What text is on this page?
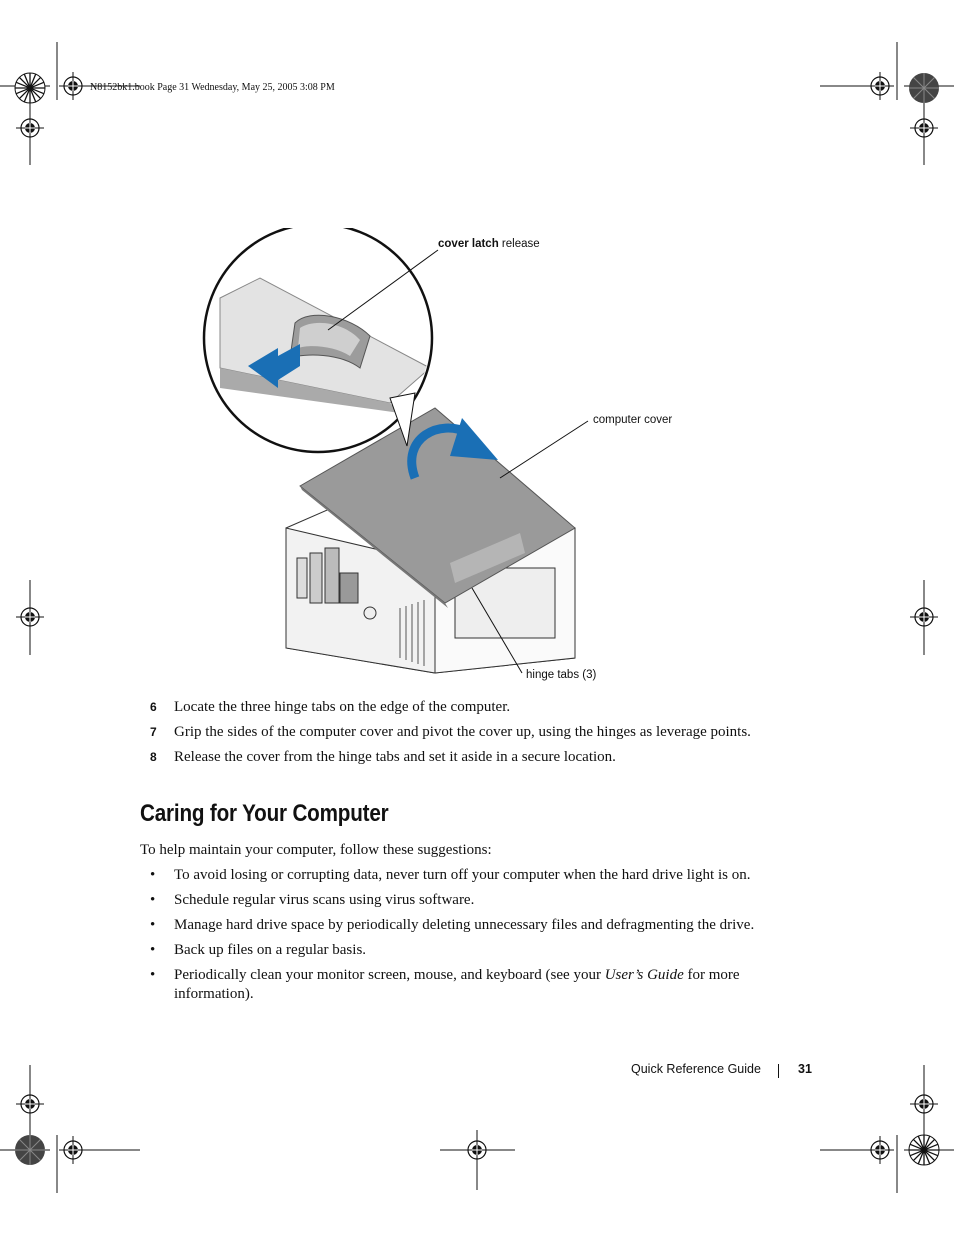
N8152bk1.book Page 31 Wednesday, May 25, 2005 3:08 PM
cover latch release
computer cover
hinge tabs (3)
6 Locate the three hinge tabs on the edge of the computer.
7 Grip the sides of the computer cover and pivot the cover up, using the hinges as leverage points.
8 Release the cover from the hinge tabs and set it aside in a secure location.
Caring for Your Computer
To help maintain your computer, follow these suggestions:
• To avoid losing or corrupting data, never turn off your computer when the hard drive light is on.
• Schedule regular virus scans using virus software.
• Manage hard drive space by periodically deleting unnecessary files and defragmenting the drive.
• Back up files on a regular basis.
• Periodically clean your monitor screen, mouse, and keyboard (see your User’s Guide for more information).
Quick Reference Guide	31
